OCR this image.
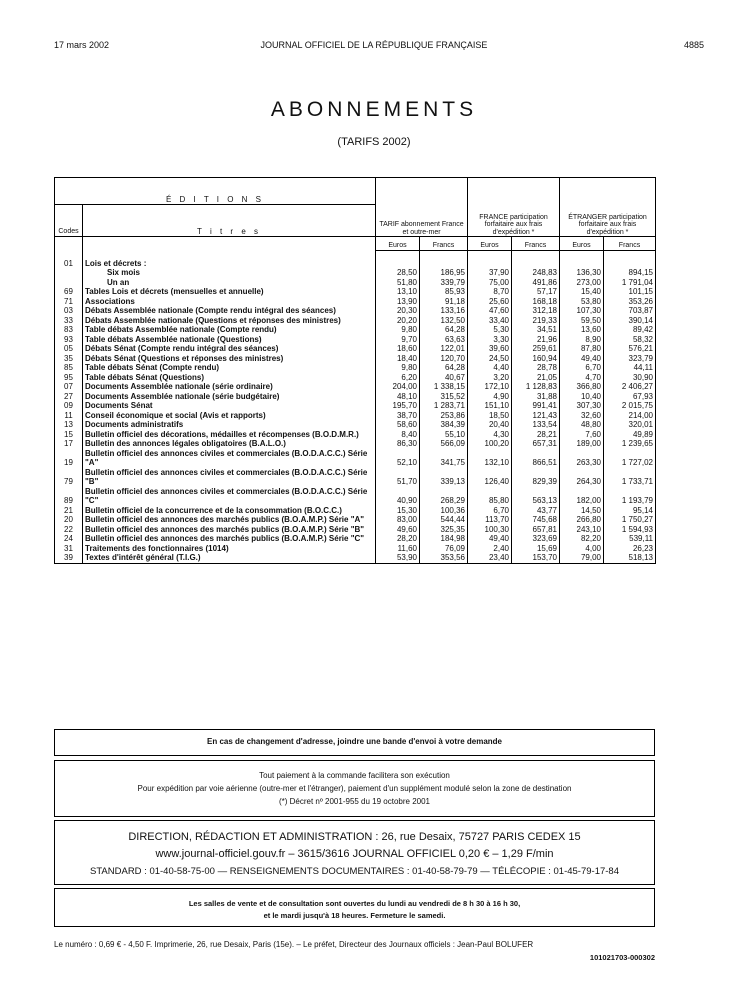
17 mars 2002	JOURNAL OFFICIEL DE LA RÉPUBLIQUE FRANÇAISE	4885
ABONNEMENTS
(TARIFS 2002)
É D I T I O N S		TARIF abonnement France et outre-mer		FRANCE participation forfaitaire aux frais d'expédition *		ÉTRANGER participation forfaitaire aux frais d'expédition *	
Codes	T i t r e s						
		Euros	Francs	Euros	Francs	Euros	Francs
01	Lois et décrets :						
	Six mois	28,50	186,95	37,90	248,83	136,30	894,15
	Un an	51,80	339,79	75,00	491,86	273,00	1 791,04
69	Tables Lois et décrets (mensuelles et annuelle)	13,10	85,93	8,70	57,17	15,40	101,15
71	Associations	13,90	91,18	25,60	168,18	53,80	353,26
03	Débats Assemblée nationale (Compte rendu intégral des séances)	20,30	133,16	47,60	312,18	107,30	703,87
33	Débats Assemblée nationale (Questions et réponses des ministres)	20,20	132,50	33,40	219,33	59,50	390,14
83	Table débats Assemblée nationale (Compte rendu)	9,80	64,28	5,30	34,51	13,60	89,42
93	Table débats Assemblée nationale (Questions)	9,70	63,63	3,30	21,96	8,90	58,32
05	Débats Sénat (Compte rendu intégral des séances)	18,60	122,01	39,60	259,61	87,80	576,21
35	Débats Sénat (Questions et réponses des ministres)	18,40	120,70	24,50	160,94	49,40	323,79
85	Table débats Sénat (Compte rendu)	9,80	64,28	4,40	28,78	6,70	44,11
95	Table débats Sénat (Questions)	6,20	40,67	3,20	21,05	4,70	30,90
07	Documents Assemblée nationale (série ordinaire)	204,00	1 338,15	172,10	1 128,83	366,80	2 406,27
27	Documents Assemblée nationale (série budgétaire)	48,10	315,52	4,90	31,88	10,40	67,93
09	Documents Sénat	195,70	1 283,71	151,10	991,41	307,30	2 015,75
11	Conseil économique et social (Avis et rapports)	38,70	253,86	18,50	121,43	32,60	214,00
13	Documents administratifs	58,60	384,39	20,40	133,54	48,80	320,01
15	Bulletin officiel des décorations, médailles et récompenses (B.O.D.M.R.)	8,40	55,10	4,30	28,21	7,60	49,89
17	Bulletin des annonces légales obligatoires (B.A.L.O.)	86,30	566,09	100,20	657,31	189,00	1 239,65
19	Bulletin officiel des annonces civiles et commerciales (B.O.D.A.C.C.) Série "A"	52,10	341,75	132,10	866,51	263,30	1 727,02
79	Bulletin officiel des annonces civiles et commerciales (B.O.D.A.C.C.) Série "B"	51,70	339,13	126,40	829,39	264,30	1 733,71
89	Bulletin officiel des annonces civiles et commerciales (B.O.D.A.C.C.) Série "C"	40,90	268,29	85,80	563,13	182,00	1 193,79
21	Bulletin officiel de la concurrence et de la consommation (B.O.C.C.)	15,30	100,36	6,70	43,77	14,50	95,14
20	Bulletin officiel des annonces des marchés publics (B.O.A.M.P.) Série "A"	83,00	544,44	113,70	745,68	266,80	1 750,27
22	Bulletin officiel des annonces des marchés publics (B.O.A.M.P.) Série "B"	49,60	325,35	100,30	657,81	243,10	1 594,93
24	Bulletin officiel des annonces des marchés publics (B.O.A.M.P.) Série "C"	28,20	184,98	49,40	323,69	82,20	539,11
31	Traitements des fonctionnaires (1014)	11,60	76,09	2,40	15,69	4,00	26,23
39	Textes d'intérêt général (T.I.G.)	53,90	353,56	23,40	153,70	79,00	518,13
En cas de changement d'adresse, joindre une bande d'envoi à votre demande
Tout paiement à la commande facilitera son exécution
Pour expédition par voie aérienne (outre-mer et l'étranger), paiement d'un supplément modulé selon la zone de destination
(*) Décret nº 2001-955 du 19 octobre 2001
DIRECTION, RÉDACTION ET ADMINISTRATION : 26, rue Desaix, 75727 PARIS CEDEX 15
www.journal-officiel.gouv.fr – 3615/3616 JOURNAL OFFICIEL 0,20 € – 1,29 F/min
STANDARD : 01-40-58-75-00 — RENSEIGNEMENTS DOCUMENTAIRES : 01-40-58-79-79 — TÉLÉCOPIE : 01-45-79-17-84
Les salles de vente et de consultation sont ouvertes du lundi au vendredi de 8 h 30 à 16 h 30,
et le mardi jusqu'à 18 heures. Fermeture le samedi.
Le numéro : 0,69 € - 4,50 F. Imprimerie, 26, rue Desaix, Paris (15e). – Le préfet, Directeur des Journaux officiels : Jean-Paul BOLUFER
101021703-000302
